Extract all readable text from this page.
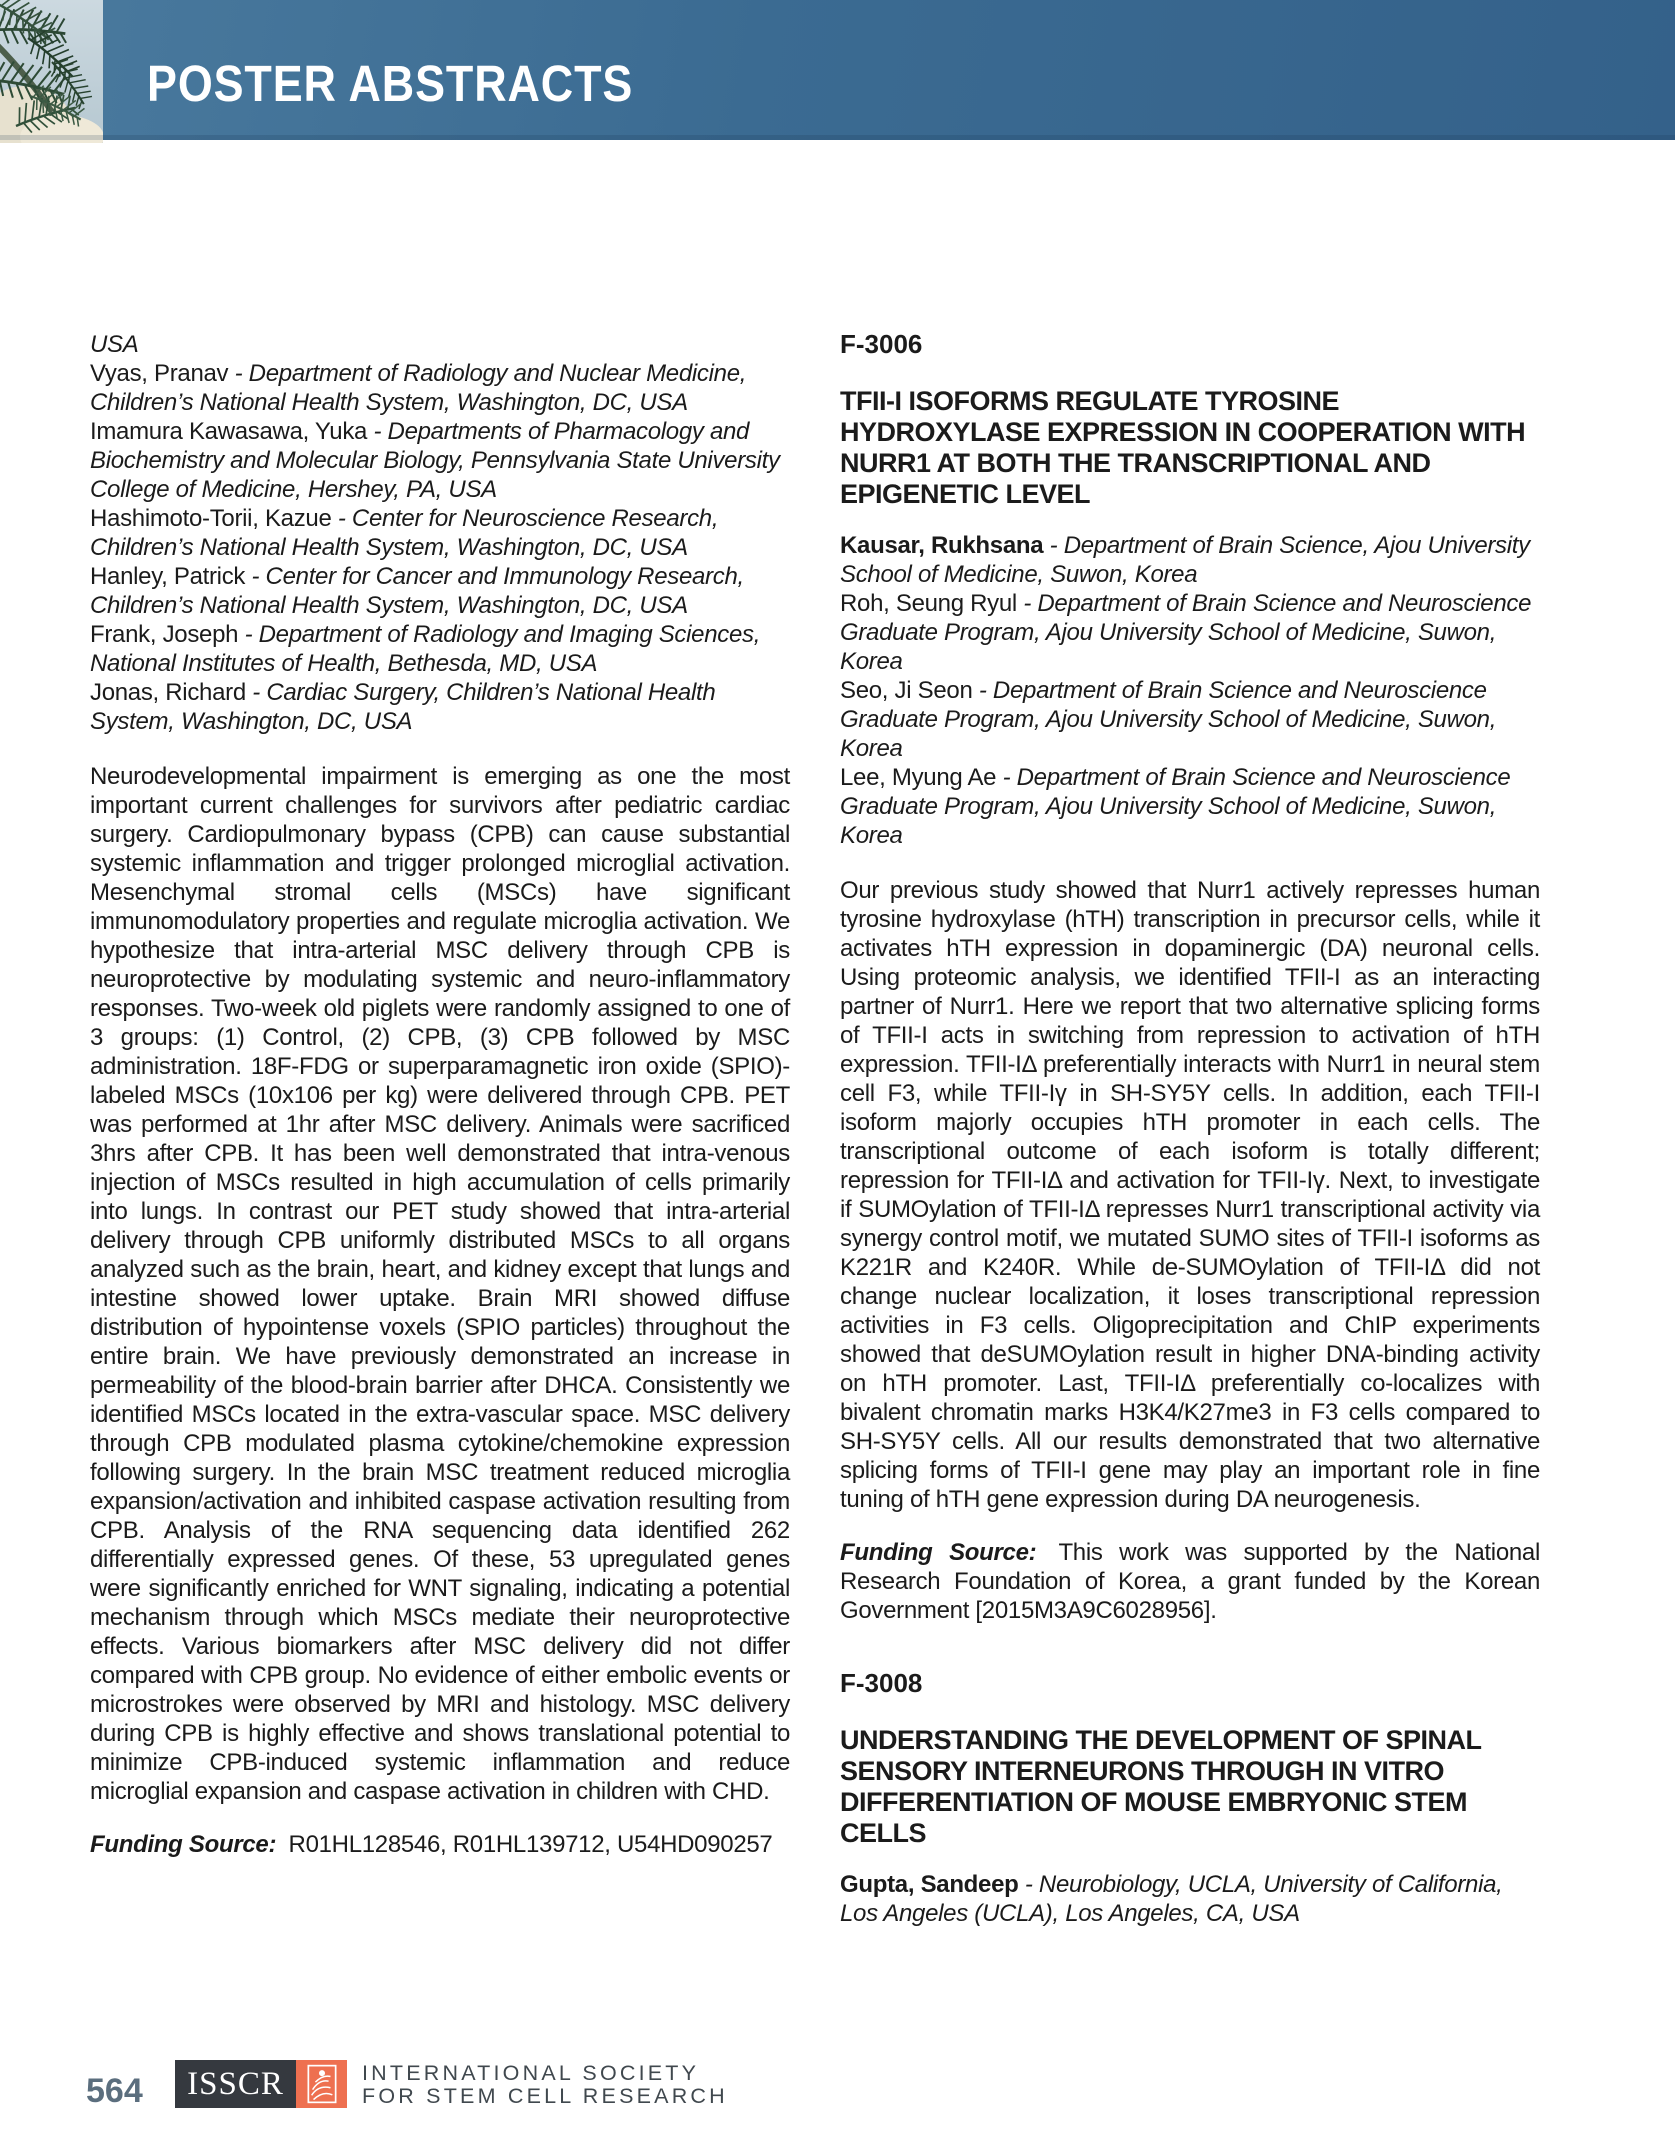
POSTER ABSTRACTS

USA

Vyas, Pranav - Department of Radiology and Nuclear Medicine, Children’s National Health System, Washington, DC, USA
Imamura Kawasawa, Yuka - Departments of Pharmacology and Biochemistry and Molecular Biology, Pennsylvania State University College of Medicine, Hershey, PA, USA
Hashimoto-Torii, Kazue - Center for Neuroscience Research, Children’s National Health System, Washington, DC, USA
Hanley, Patrick - Center for Cancer and Immunology Research, Children’s National Health System, Washington, DC, USA
Frank, Joseph - Department of Radiology and Imaging Sciences, National Institutes of Health, Bethesda, MD, USA
Jonas, Richard - Cardiac Surgery, Children’s National Health System, Washington, DC, USA

Neurodevelopmental impairment is emerging as one the most important current challenges for survivors after pediatric cardiac surgery. Cardiopulmonary bypass (CPB) can cause substantial systemic inflammation and trigger prolonged microglial activation. Mesenchymal stromal cells (MSCs) have significant immunomodulatory properties and regulate microglia activation. We hypothesize that intra-arterial MSC delivery through CPB is neuroprotective by modulating systemic and neuro-inflammatory responses. Two-week old piglets were randomly assigned to one of 3 groups: (1) Control, (2) CPB, (3) CPB followed by MSC administration. 18F-FDG or superparamagnetic iron oxide (SPIO)-labeled MSCs (10x106 per kg) were delivered through CPB. PET was performed at 1hr after MSC delivery. Animals were sacrificed 3hrs after CPB. It has been well demonstrated that intra-venous injection of MSCs resulted in high accumulation of cells primarily into lungs. In contrast our PET study showed that intra-arterial delivery through CPB uniformly distributed MSCs to all organs analyzed such as the brain, heart, and kidney except that lungs and intestine showed lower uptake. Brain MRI showed diffuse distribution of hypointense voxels (SPIO particles) throughout the entire brain. We have previously demonstrated an increase in permeability of the blood-brain barrier after DHCA. Consistently we identified MSCs located in the extra-vascular space. MSC delivery through CPB modulated plasma cytokine/chemokine expression following surgery. In the brain MSC treatment reduced microglia expansion/activation and inhibited caspase activation resulting from CPB. Analysis of the RNA sequencing data identified 262 differentially expressed genes. Of these, 53 upregulated genes were significantly enriched for WNT signaling, indicating a potential mechanism through which MSCs mediate their neuroprotective effects. Various biomarkers after MSC delivery did not differ compared with CPB group. No evidence of either embolic events or microstrokes were observed by MRI and histology. MSC delivery during CPB is highly effective and shows translational potential to minimize CPB-induced systemic inflammation and reduce microglial expansion and caspase activation in children with CHD.

Funding Source: R01HL128546, R01HL139712, U54HD090257

F-3006
TFII-I ISOFORMS REGULATE TYROSINE HYDROXYLASE EXPRESSION IN COOPERATION WITH NURR1 AT BOTH THE TRANSCRIPTIONAL AND EPIGENETIC LEVEL
Kausar, Rukhsana - Department of Brain Science, Ajou University School of Medicine, Suwon, Korea
Roh, Seung Ryul - Department of Brain Science and Neuroscience Graduate Program, Ajou University School of Medicine, Suwon, Korea
Seo, Ji Seon - Department of Brain Science and Neuroscience Graduate Program, Ajou University School of Medicine, Suwon, Korea
Lee, Myung Ae - Department of Brain Science and Neuroscience Graduate Program, Ajou University School of Medicine, Suwon, Korea

Our previous study showed that Nurr1 actively represses human tyrosine hydroxylase (hTH) transcription in precursor cells, while it activates hTH expression in dopaminergic (DA) neuronal cells. Using proteomic analysis, we identified TFII-I as an interacting partner of Nurr1. Here we report that two alternative splicing forms of TFII-I acts in switching from repression to activation of hTH expression. TFII-IΔ preferentially interacts with Nurr1 in neural stem cell F3, while TFII-Iγ in SH-SY5Y cells. In addition, each TFII-I isoform majorly occupies hTH promoter in each cells. The transcriptional outcome of each isoform is totally different; repression for TFII-IΔ and activation for TFII-Iγ. Next, to investigate if SUMOylation of TFII-IΔ represses Nurr1 transcriptional activity via synergy control motif, we mutated SUMO sites of TFII-I isoforms as K221R and K240R. While de-SUMOylation of TFII-IΔ did not change nuclear localization, it loses transcriptional repression activities in F3 cells. Oligoprecipitation and ChIP experiments showed that deSUMOylation result in higher DNA-binding activity on hTH promoter. Last, TFII-IΔ preferentially co-localizes with bivalent chromatin marks H3K4/K27me3 in F3 cells compared to SH-SY5Y cells. All our results demonstrated that two alternative splicing forms of TFII-I gene may play an important role in fine tuning of hTH gene expression during DA neurogenesis.

Funding Source: This work was supported by the National Research Foundation of Korea, a grant funded by the Korean Government [2015M3A9C6028956].

F-3008
UNDERSTANDING THE DEVELOPMENT OF SPINAL SENSORY INTERNEURONS THROUGH IN VITRO DIFFERENTIATION OF MOUSE EMBRYONIC STEM CELLS
Gupta, Sandeep - Neurobiology, UCLA, University of California, Los Angeles (UCLA), Los Angeles, CA, USA
564	ISSCR	INTERNATIONAL SOCIETY
FOR STEM CELL RESEARCH
